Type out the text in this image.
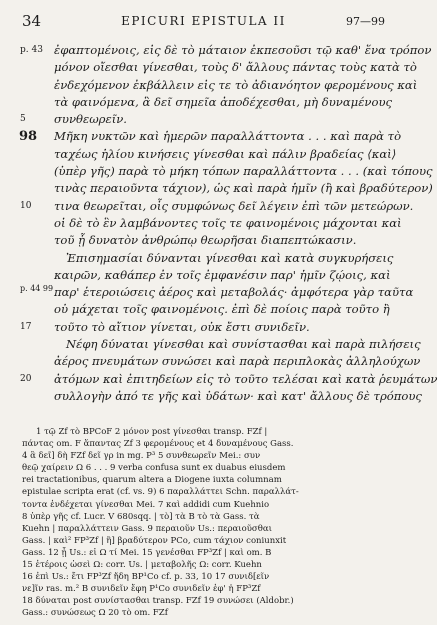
34	EPICURI EPISTULA II	97—99
p. 43 ἐφαπτομένοις, εἰς δὲ τὸ μάταιον ἐκπεσοῦσι τῷ καθ' ἕνα τρόπον
μόνον οἴεσθαι γίνεσθαι, τοὺς δ' ἄλλους πάντας τοὺς κατὰ τὸ
ἐνδεχόμενον ἐκβάλλειν εἰς τε τὸ ἀδιανόητον φερομένους καὶ
τὰ φαινόμενα, ἃ δεῖ σημεῖα ἀποδέχεσθαι, μὴ δυναμένους
5	συνθεωρεῖν.
98	Μῆκη νυκτῶν καὶ ἡμερῶν παραλλάττοντα . . . καὶ παρὰ τὸ
ταχέως ἡλίου κινήσεις γίνεσθαι καὶ πάλιν βραδείας ⟨καὶ⟩
(ὑπὲρ γῆς) παρὰ τὸ μήκη τόπων παραλλάττοντα . . . (καὶ τόπους
τινὰς περαιοῦντα τάχιον), ὡς καὶ παρὰ ἡμῖν (ἢ καὶ βραδύτερον)
10	τινα θεωρεῖται, οἷς συμφώνως δεῖ λέγειν ἐπὶ τῶν μετεώρων.
οἱ δὲ τὸ ἓν λαμβάνοντες τοῖς τε φαινομένοις μάχονται καὶ
τοῦ ᾗ δυνατὸν ἀνθρώπῳ θεωρῆσαι διαπεπτώκασιν.
Ἐπισημασίαι δύνανται γίνεσθαι καὶ κατὰ συγκυρήσεις
καιρῶν, καθάπερ ἐν τοῖς ἐμφανέσιν παρ' ἡμῖν ζῴοις, καὶ
p. 44 99 παρ' ἑτεροιώσεις ἀέρος καὶ μεταβολάς· ἀμφότερα γὰρ ταῦτα
οὐ μάχεται τοῖς φαινομένοις. ἐπὶ δὲ ποίοις παρὰ τοῦτο ἢ
17	τοῦτο τὸ αἴτιον γίνεται, οὐκ ἔστι συνιδεῖν.
Νέφη δύναται γίνεσθαι καὶ συνίστασθαι καὶ παρὰ πιλήσεις
ἀέρος πνευμάτων συνώσει καὶ παρὰ περιπλοκὰς ἀλληλούχων
20	ἀτόμων καὶ ἐπιτηδείων εἰς τὸ τοῦτο τελέσαι καὶ κατὰ ῥευμάτων
συλλογὴν ἀπό τε γῆς καὶ ὑδάτων· καὶ κατ' ἄλλους δὲ τρόπους
1 τῷ Zf τὸ BPCoF 2 μόνον post γίνεσθαι transp. FZf |
πάντας om. F ἅπαντας Zf 3 φερομένους et 4 δυναμένους Gass.
4 ἃ δεῖ] δὴ FZf δεῖ γρ in mg. P³ 5 συνθεωρεῖν Mei.: συν
θεῷ χαίρειν Ω 6 . . . 9 verba confusa sunt ex duabus eiusdem
rei tractationibus, quarum altera a Diogene iuxta columnam
epistulae scripta erat (cf. vs. 9) 6 παραλλάττει Schn. παραλλάτ-
τοντα ἐνδέχεται γίνεσθαι Mei. 7 καὶ addidi cum Kuehnio
8 ὑπὲρ γῆς cf. Lucr. V 680sqq. | τὸ] τὰ B τὸ τὰ Gass. τὰ
Kuehn | παραλλάττειν Gass. 9 περαιοῦν Us.: περαιοῦσθαι
Gass. | καὶ² FP³Zf | ἢ] βραδύτερον PCo, cum τάχιον coniunxit
Gass. 12 ᾗ Us.: εἰ Ω τί Mei. 15 γενέσθαι FP³Zf | καὶ om. B
15 ἑτέροις ὡσεὶ Ω: corr. Us. | μεταβολῆς Ω: corr. Kuehn
16 ἐπὶ Us.: ἔτι FP³Zf ἤδη BP¹Co cf. p. 33, 10 17 συνιδ[εῖν
νε]ῖν ras. m.² B συνιδεῖν ἔφη P¹Co συνιδεῖν ἐφ' ἡ FP³Zf
18 δύναται post συνίστασθαι transp. FZf 19 συνώσει (Aldobr.)
Gass.: συνώσεως Ω 20 τὸ om. FZf
